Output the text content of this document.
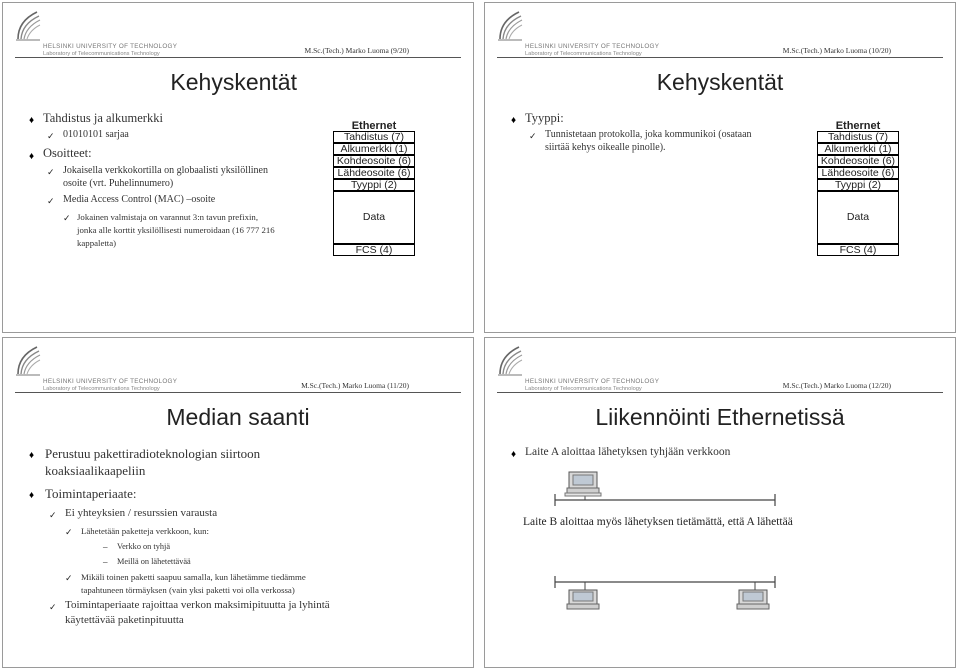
HELSINKI UNIVERSITY OF TECHNOLOGY
Laboratory of Telecommunications Technology	M.Sc.(Tech.) Marko Luoma (9/20)
Kehyskentät
♦ Tahdistus ja alkumerkki
✓ 01010101 sarjaa
♦ Osoitteet:
✓ Jokaisella verkkokortilla on globaalisti yksilöllinen
osoite (vrt. Puhelinnumero)
✓ Media Access Control (MAC) –osoite
✓ Jokainen valmistaja on varannut 3:n tavun prefixin,
jonka alle korttit yksilöllisesti numeroidaan (16 777 216
kappaletta)
Ethernet
Tahdistus (7)
Alkumerkki (1)
Kohdeosoite (6)
Lähdeosoite (6)
Tyyppi (2)
Data
FCS (4)
HELSINKI UNIVERSITY OF TECHNOLOGY
Laboratory of Telecommunications Technology	M.Sc.(Tech.) Marko Luoma (10/20)
Kehyskentät
♦ Tyyppi:
✓ Tunnistetaan protokolla, joka kommunikoi (osataan
siirtää kehys oikealle pinolle).
Ethernet
Tahdistus (7)
Alkumerkki (1)
Kohdeosoite (6)
Lähdeosoite (6)
Tyyppi (2)
Data
FCS (4)
HELSINKI UNIVERSITY OF TECHNOLOGY
Laboratory of Telecommunications Technology	M.Sc.(Tech.) Marko Luoma (11/20)
Median saanti
♦ Perustuu pakettiradioteknologian siirtoon
koaksiaalikaapeliin
♦ Toimintaperiaate:
✓ Ei yhteyksien / resurssien varausta
✓ Lähetetään paketteja verkkoon, kun:
– Verkko on tyhjä
– Meillä on lähetettävää
✓ Mikäli toinen paketti saapuu samalla, kun lähetämme tiedämme
tapahtuneen törmäyksen (vain yksi paketti voi olla verkossa)
✓ Toimintaperiaate rajoittaa verkon maksimipituutta ja lyhintä
käytettävää paketinpituutta
HELSINKI UNIVERSITY OF TECHNOLOGY
Laboratory of Telecommunications Technology	M.Sc.(Tech.) Marko Luoma (12/20)
Liikennöinti Ethernetissä
♦ Laite A aloittaa lähetyksen tyhjään verkkoon
Laite B aloittaa myös lähetyksen tietämättä, että A lähettää
